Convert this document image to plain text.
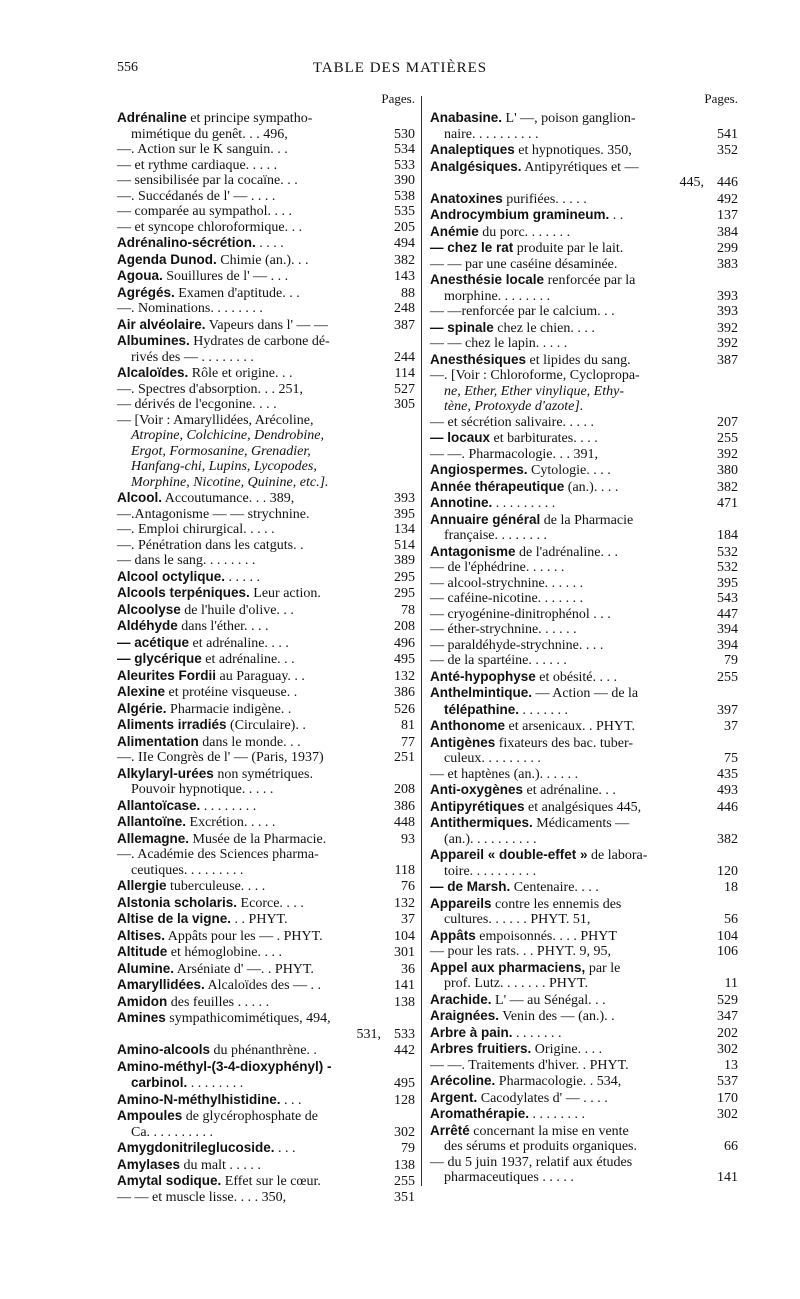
556	TABLE DES MATIÈRES
Pages.
Adrénaline et principe sympatho-
mimétique du genêt. . . 496,	530
—. Action sur le K sanguin. . .	534
— et rythme cardiaque. . . . .	533
— sensibilisée par la cocaïne. . .	390
—. Succédanés de l' — . . . .	538
— comparée au sympathol. . . .	535
— et syncope chloroformique. . .	205
Adrénalino-sécrétion. . . . .	494
Agenda Dunod. Chimie (an.). . .	382
Agoua. Souillures de l' — . . .	143
Agrégés. Examen d'aptitude. . .	88
—. Nominations. . . . . . . .	248
Air alvéolaire. Vapeurs dans l' — —	387
Albumines. Hydrates de carbone dé-
rivés des — . . . . . . . .	244
Alcaloïdes. Rôle et origine. . .	114
—. Spectres d'absorption. . . 251,	527
— dérivés de l'ecgonine. . . .	305
— [Voir : Amaryllidées, Arécoline,
Atropine, Colchicine, Dendrobine,
Ergot, Formosanine, Grenadier,
Hanfang-chi, Lupins, Lycopodes,
Morphine, Nicotine, Quinine, etc.].
Alcool. Accoutumance. . . 389,	393
—.Antagonisme — — strychnine.	395
—. Emploi chirurgical. . . . .	134
—. Pénétration dans les catguts. .	514
— dans le sang. . . . . . . .	389
Alcool octylique. . . . . .	295
Alcools terpéniques. Leur action.	295
Alcoolyse de l'huile d'olive. . .	78
Aldéhyde dans l'éther. . . .	208
— acétique et adrénaline. . . .	496
— glycérique et adrénaline. . .	495
Aleurites Fordii au Paraguay. . .	132
Alexine et protéine visqueuse. .	386
Algérie. Pharmacie indigène. .	526
Aliments irradiés (Circulaire). .	81
Alimentation dans le monde. . .	77
—. IIe Congrès de l' — (Paris, 1937)	251
Alkylaryl-urées non symétriques.
Pouvoir hypnotique. . . . .	208
Allantoïcase. . . . . . . . .	386
Allantoïne. Excrétion. . . . .	448
Allemagne. Musée de la Pharmacie.	93
—. Académie des Sciences pharma-
ceutiques. . . . . . . . .	118
Allergie tuberculeuse. . . .	76
Alstonia scholaris. Ecorce. . . .	132
Altise de la vigne. . . PHYT.	37
Altises. Appâts pour les — . PHYT.	104
Altitude et hémoglobine. . . .	301
Alumine. Arséniate d' —. . PHYT.	36
Amaryllidées. Alcaloïdes des — . .	141
Amidon des feuilles . . . . .	138
Amines sympathicomimétiques, 494,
531, 533
Amino-alcools du phénanthrène. .	442
Amino-méthyl-(3-4-dioxyphényl) -
carbinol. . . . . . . . .	495
Amino-N-méthylhistidine. . . .	128
Ampoules de glycérophosphate de
Ca. . . . . . . . . .	302
Amygdonitrileglucoside. . . .	79
Amylases du malt . . . . .	138
Amytal sodique. Effet sur le cœur.	255
— — et muscle lisse. . . . 350,	351
Pages.
Anabasine. L' —, poison ganglion-
naire. . . . . . . . . .	541
Analeptiques et hypnotiques. 350,	352
Analgésiques. Antipyrétiques et —
445, 446
Anatoxines purifiées. . . . .	492
Androcymbium gramineum. . .	137
Anémie du porc. . . . . . .	384
— chez le rat produite par le lait.	299
— — par une caséine désaminée.	383
Anesthésie locale renforcée par la
morphine. . . . . . . .	393
— —renforcée par le calcium. . .	393
— spinale chez le chien. . . .	392
— — chez le lapin. . . . .	392
Anesthésiques et lipides du sang.	387
—. [Voir : Chloroforme, Cyclopropa-
ne, Ether, Ether vinylique, Ethy-
tène, Protoxyde d'azote].
— et sécrétion salivaire. . . . .	207
— locaux et barbiturates. . . .	255
— —. Pharmacologie. . . 391,	392
Angiospermes. Cytologie. . . .	380
Année thérapeutique (an.). . . .	382
Annotine. . . . . . . . . .	471
Annuaire général de la Pharmacie
française. . . . . . . .	184
Antagonisme de l'adrénaline. . .	532
— de l'éphédrine. . . . . .	532
— alcool-strychnine. . . . . .	395
— caféine-nicotine. . . . . . .	543
— cryogénine-dinitrophénol . . .	447
— éther-strychnine. . . . . .	394
— paraldéhyde-strychnine. . . .	394
— de la spartéine. . . . . .	79
Anté-hypophyse et obésité. . . .	255
Anthelmintique. — Action — de la
télépathine. . . . . . . .	397
Anthonome et arsenicaux. . PHYT.	37
Antigènes fixateurs des bac. tuber-
culeux. . . . . . . . .	75
— et haptènes (an.). . . . . .	435
Anti-oxygènes et adrénaline. . .	493
Antipyrétiques et analgésiques 445,	446
Antithermiques. Médicaments —
(an.). . . . . . . . . .	382
Appareil « double-effet » de labora-
toire. . . . . . . . . .	120
— de Marsh. Centenaire. . . .	18
Appareils contre les ennemis des
cultures. . . . . . PHYT. 51,	56
Appâts empoisonnés. . . . PHYT	104
— pour les rats. . . PHYT. 9, 95,	106
Appel aux pharmaciens, par le
prof. Lutz. . . . . . . PHYT.	11
Arachide. L' — au Sénégal. . .	529
Araignées. Venin des — (an.). .	347
Arbre à pain. . . . . . . .	202
Arbres fruitiers. Origine. . . .	302
— —. Traitements d'hiver. . PHYT.	13
Arécoline. Pharmacologie. . 534,	537
Argent. Cacodylates d' — . . . .	170
Aromathérapie. . . . . . . . .	302
Arrêté concernant la mise en vente
des sérums et produits organiques.	66
— du 5 juin 1937, relatif aux études
pharmaceutiques . . . . .	141
